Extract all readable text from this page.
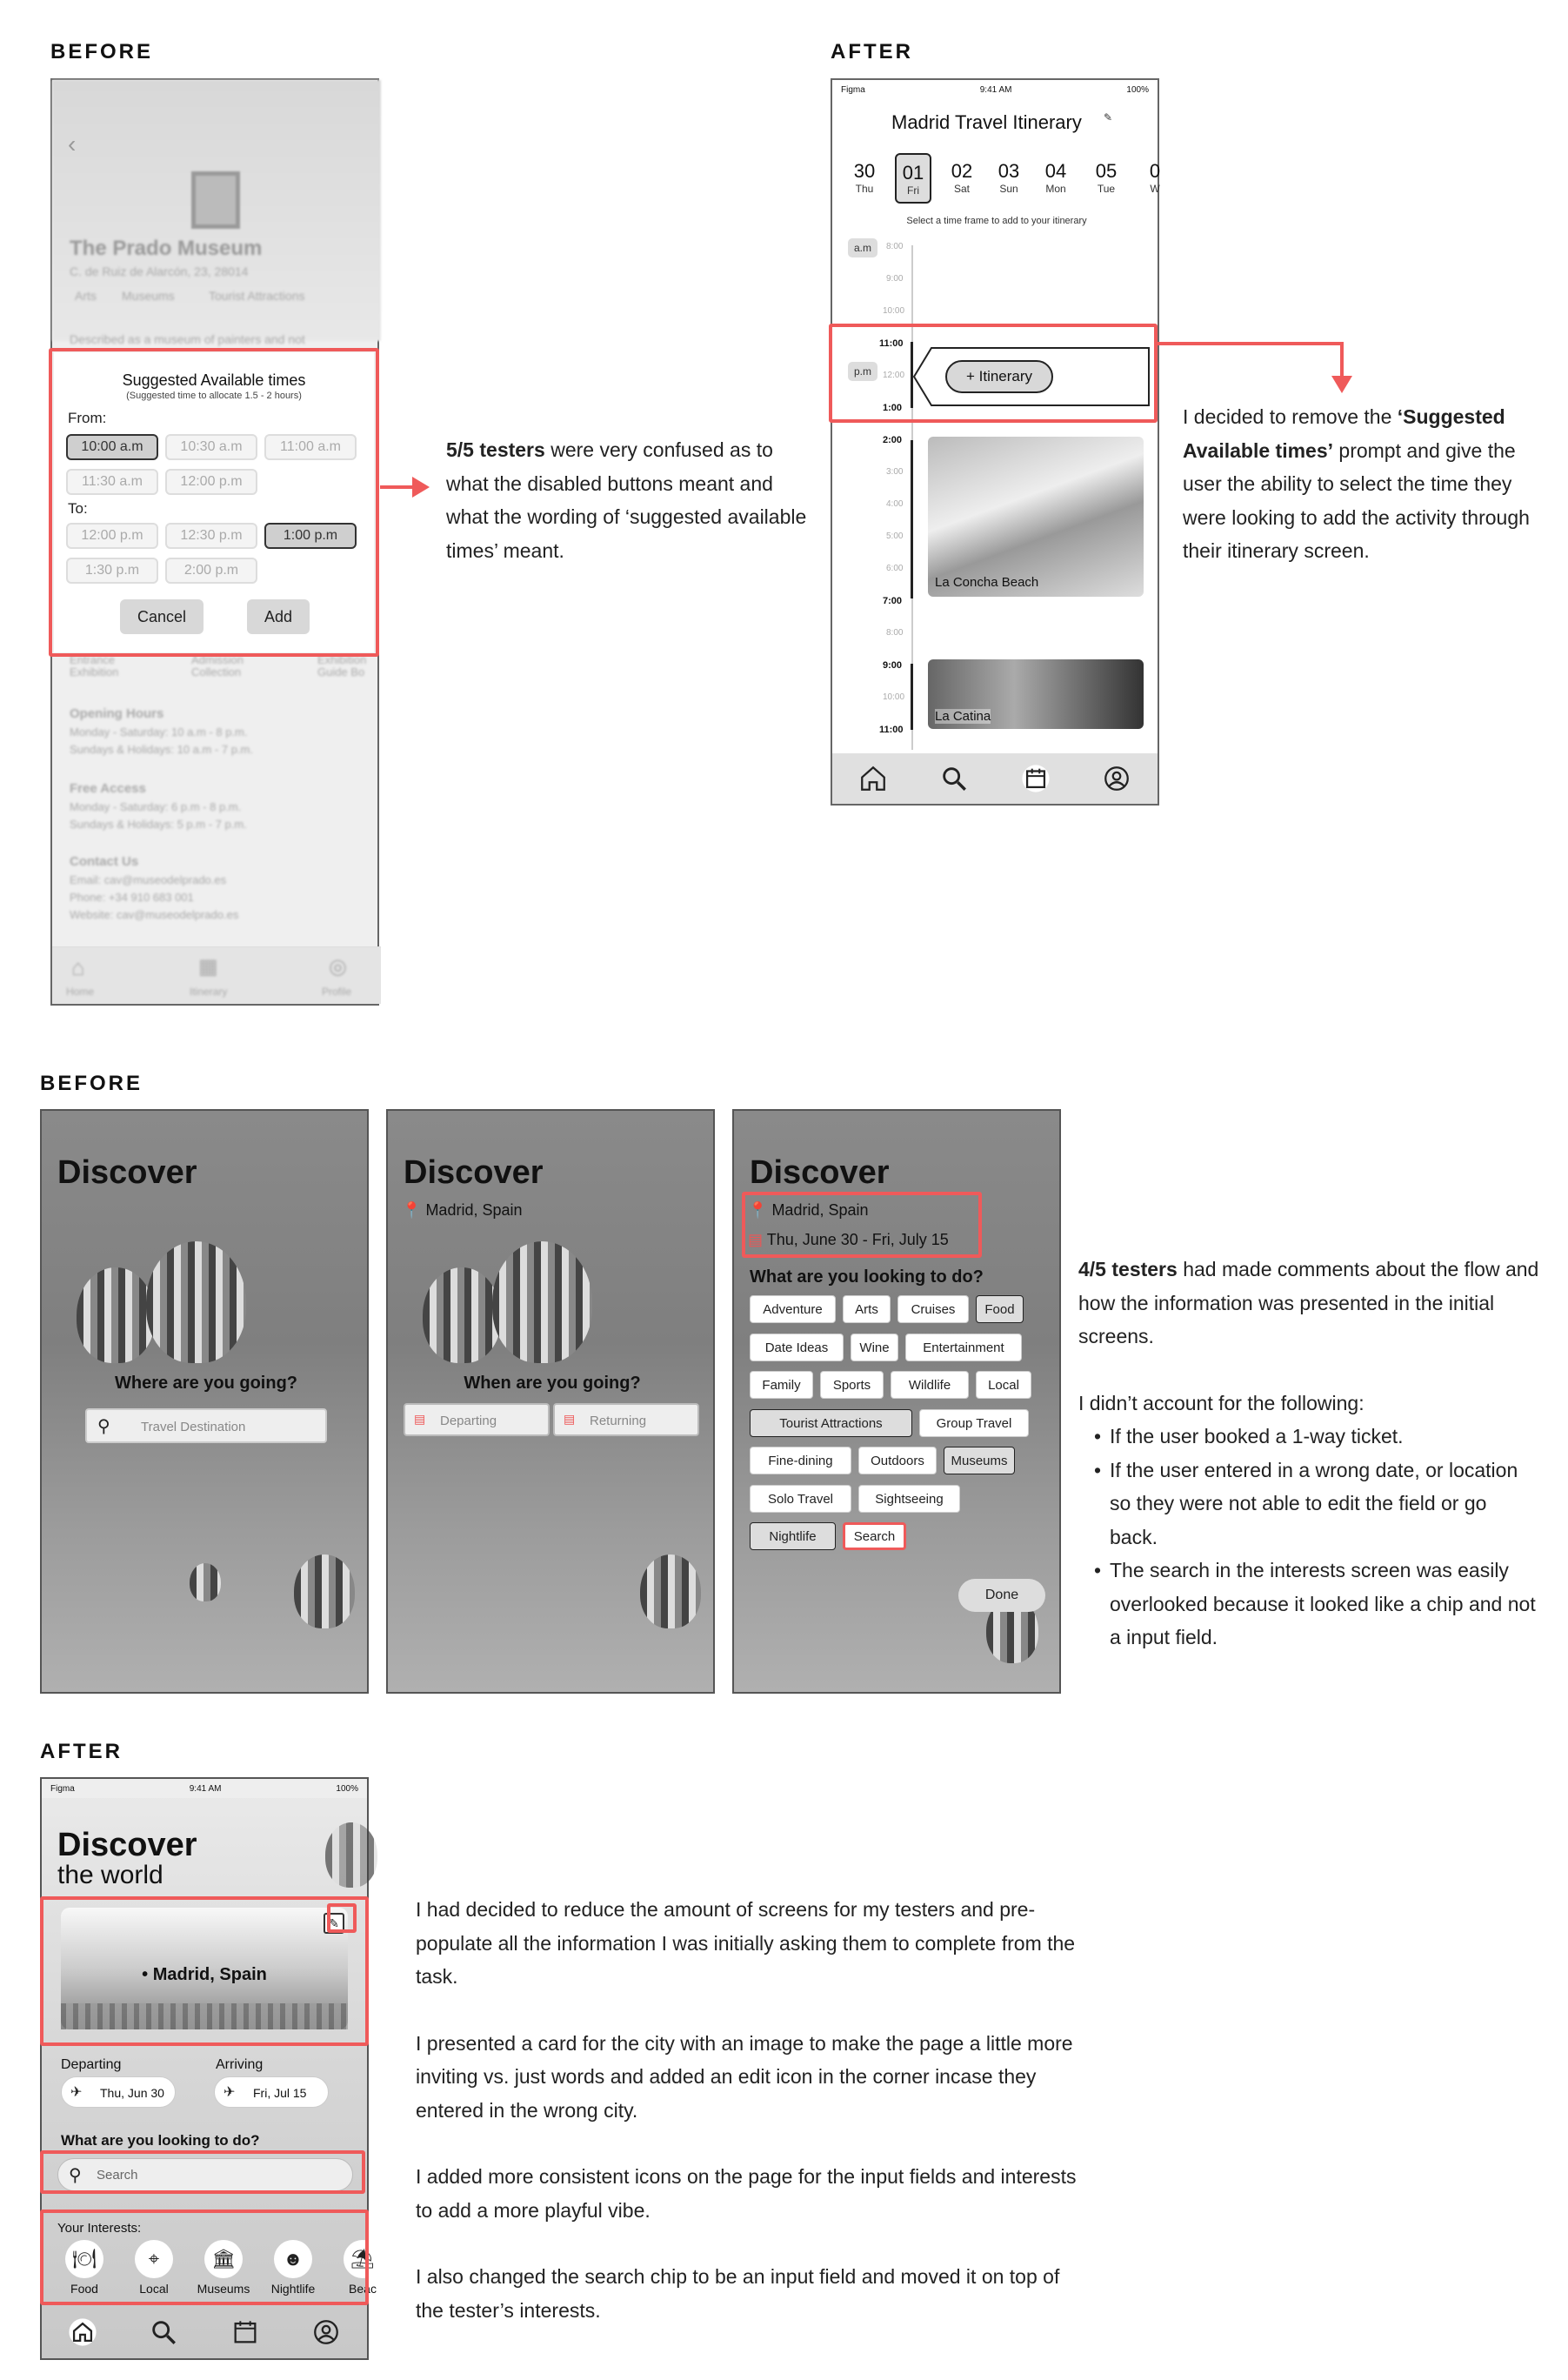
BEFORE	AFTER
‹
The Prado Museum
C. de Ruiz de Alarcón, 23, 28014
Arts Museums	Tourist Attractions
Described as a museum of painters and not
Entrance Exhibition
Admission Collection
Exhibition Guide Bo
Opening Hours
Monday - Saturday: 10 a.m - 8 p.m.
Sundays & Holidays: 10 a.m - 7 p.m.
Free Access
Monday - Saturday: 6 p.m - 8 p.m.
Sundays & Holidays: 5 p.m - 7 p.m.
Contact Us
Email: cav@museodelprado.es
Phone: +34 910 683 001
Website: cav@museodelprado.es
⌂
Home
▦
Itinerary
◎
Profile
Suggested Available times
(Suggested time to allocate 1.5 - 2 hours)
From:
10:00 a.m	10:30 a.m	11:00 a.m
11:30 a.m	12:00 p.m
To:
12:00 p.m	12:30 p.m	1:00 p.m
1:30 p.m	2:00 p.m
Cancel	Add
5/5 testers were very confused as to what the disabled buttons meant and what the wording of ‘suggested available times’ meant.
Figma	9:41 AM	100%
Madrid Travel Itinerary ✎
30
Thu
01
Fri
02
Sat
03
Sun
04
Mon
05
Tue
0
W
Select a time frame to add to your itinerary
a.m
p.m
8:00
9:00
10:00
11:00
12:00
1:00
2:00
3:00
4:00
5:00
6:00
7:00
8:00
9:00
10:00
11:00
+ Itinerary
La Concha Beach
La Catina
I decided to remove the ‘Suggested Available times’ prompt and give the user the ability to select the time they were looking to add the activity through their itinerary screen.
BEFORE
Discover
Where are you going?
⚲ Travel Destination
Discover
📍 Madrid, Spain
When are you going?
▤ Departing	▤ Returning
Discover
📍 Madrid, Spain
▤ Thu, June 30 - Fri, July 15
What are you looking to do?
Adventure	Arts	Cruises	Food
Date Ideas	Wine	Entertainment
Family	Sports	Wildlife	Local
Tourist Attractions	Group Travel
Fine-dining	Outdoors	Museums
Solo Travel	Sightseeing
Nightlife	Search
Done
4/5 testers had made comments about the flow and how the information was presented in the initial screens.
I didn’t account for the following:
• If the user booked a 1-way ticket.
• If the user entered in a wrong date, or location so they were not able to edit the field or go back.
• The search in the interests screen was easily overlooked because it looked like a chip and not a input field.
AFTER
Figma	9:41 AM	100%
Discover
the world
• Madrid, Spain
✎
Departing	Arriving
✈ Thu, Jun 30	✈ Fri, Jul 15
What are you looking to do?
⚲ Search
Your Interests:
🍽
Food
⌖
Local
🏛
Museums
☻
Nightlife
⛱
Beac
I had decided to reduce the amount of screens for my testers and pre-populate all the information I was initially asking them to complete from the task.
I presented a card for the city with an image to make the page a little more inviting vs. just words and added an edit icon in the corner incase they entered in the wrong city.
I added more consistent icons on the page for the input fields and interests to add a more playful vibe.
I also changed the search chip to be an input field and moved it on top of the tester’s interests.
